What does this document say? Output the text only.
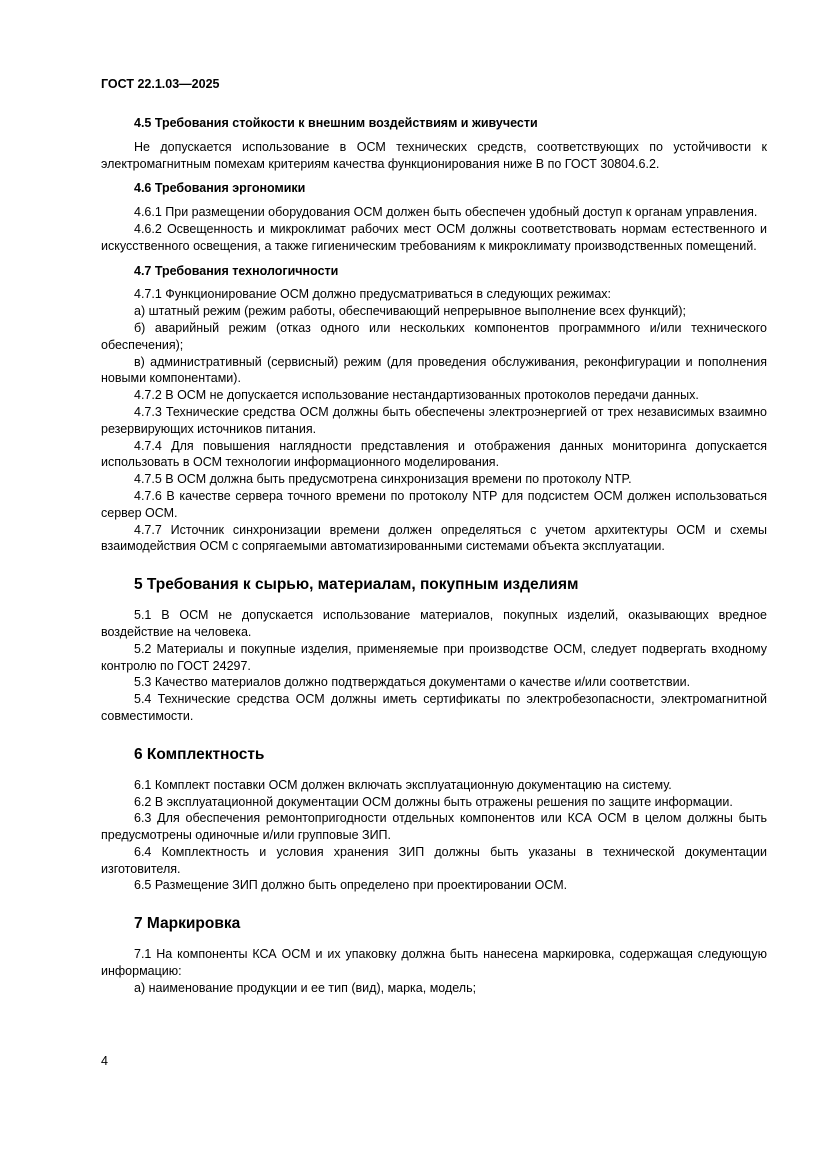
ГОСТ 22.1.03—2025
4.5 Требования стойкости к внешним воздействиям и живучести

Не допускается использование в ОСМ технических средств, соответствующих по устойчивости к электромагнитным помехам критериям качества функционирования ниже В по ГОСТ 30804.6.2.

4.6 Требования эргономики

4.6.1 При размещении оборудования ОСМ должен быть обеспечен удобный доступ к органам управления.

4.6.2 Освещенность и микроклимат рабочих мест ОСМ должны соответствовать нормам естественного и искусственного освещения, а также гигиеническим требованиям к микроклимату производственных помещений.

4.7 Требования технологичности

4.7.1 Функционирование ОСМ должно предусматриваться в следующих режимах:

а) штатный режим (режим работы, обеспечивающий непрерывное выполнение всех функций);

б) аварийный режим (отказ одного или нескольких компонентов программного и/или технического обеспечения);

в) административный (сервисный) режим (для проведения обслуживания, реконфигурации и пополнения новыми компонентами).

4.7.2 В ОСМ не допускается использование нестандартизованных протоколов передачи данных.

4.7.3 Технические средства ОСМ должны быть обеспечены электроэнергией от трех независимых взаимно резервирующих источников питания.

4.7.4 Для повышения наглядности представления и отображения данных мониторинга допускается использовать в ОСМ технологии информационного моделирования.

4.7.5 В ОСМ должна быть предусмотрена синхронизация времени по протоколу NTP.

4.7.6 В качестве сервера точного времени по протоколу NTP для подсистем ОСМ должен использоваться сервер ОСМ.

4.7.7 Источник синхронизации времени должен определяться с учетом архитектуры ОСМ и схемы взаимодействия ОСМ с сопрягаемыми автоматизированными системами объекта эксплуатации.

5 Требования к сырью, материалам, покупным изделиям

5.1 В ОСМ не допускается использование материалов, покупных изделий, оказывающих вредное воздействие на человека.

5.2 Материалы и покупные изделия, применяемые при производстве ОСМ, следует подвергать входному контролю по ГОСТ 24297.

5.3 Качество материалов должно подтверждаться документами о качестве и/или соответствии.

5.4 Технические средства ОСМ должны иметь сертификаты по электробезопасности, электромагнитной совместимости.

6 Комплектность

6.1 Комплект поставки ОСМ должен включать эксплуатационную документацию на систему.

6.2 В эксплуатационной документации ОСМ должны быть отражены решения по защите информации.

6.3 Для обеспечения ремонтопригодности отдельных компонентов или КСА ОСМ в целом должны быть предусмотрены одиночные и/или групповые ЗИП.

6.4 Комплектность и условия хранения ЗИП должны быть указаны в технической документации изготовителя.

6.5 Размещение ЗИП должно быть определено при проектировании ОСМ.

7 Маркировка

7.1 На компоненты КСА ОСМ и их упаковку должна быть нанесена маркировка, содержащая следующую информацию:

а) наименование продукции и ее тип (вид), марка, модель;

4
